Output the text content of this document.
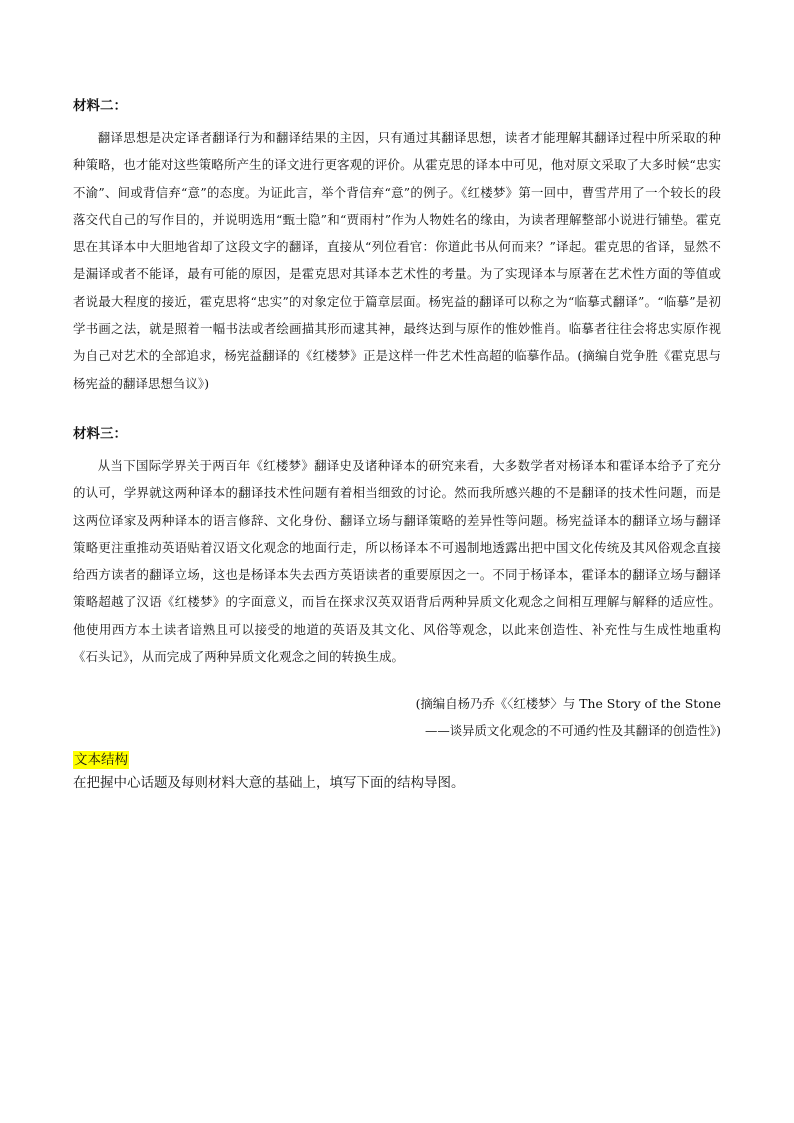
材料二：

翻译思想是决定译者翻译行为和翻译结果的主因，只有通过其翻译思想，读者才能理解其翻译过程中所采取的种种策略，也才能对这些策略所产生的译文进行更客观的评价。从霍克思的译本中可见，他对原文采取了大多时候“忠实不渝”、间或背信弃“意”的态度。为证此言，举个背信弃“意”的例子。《红楼梦》第一回中，曹雪芹用了一个较长的段落交代自己的写作目的，并说明选用“甄士隐”和“贾雨村”作为人物姓名的缘由，为读者理解整部小说进行铺垫。霍克思在其译本中大胆地省却了这段文字的翻译，直接从“列位看官：你道此书从何而来？”译起。霍克思的省译，显然不是漏译或者不能译，最有可能的原因，是霍克思对其译本艺术性的考量。为了实现译本与原著在艺术性方面的等值或者说最大程度的接近，霍克思将“忠实”的对象定位于篇章层面。杨宪益的翻译可以称之为“临摹式翻译”。“临摹”是初学书画之法，就是照着一幅书法或者绘画描其形而逮其神，最终达到与原作的惟妙惟肖。临摹者往往会将忠实原作视为自己对艺术的全部追求，杨宪益翻译的《红楼梦》正是这样一件艺术性高超的临摹作品。(摘编自党争胜《霍克思与杨宪益的翻译思想刍议》)

材料三：

从当下国际学界关于两百年《红楼梦》翻译史及诸种译本的研究来看，大多数学者对杨译本和霍译本给予了充分的认可，学界就这两种译本的翻译技术性问题有着相当细致的讨论。然而我所感兴趣的不是翻译的技术性问题，而是这两位译家及两种译本的语言修辞、文化身份、翻译立场与翻译策略的差异性等问题。杨宪益译本的翻译立场与翻译策略更注重推动英语贴着汉语文化观念的地面行走，所以杨译本不可遏制地透露出把中国文化传统及其风俗观念直接给西方读者的翻译立场，这也是杨译本失去西方英语读者的重要原因之一。不同于杨译本，霍译本的翻译立场与翻译策略超越了汉语《红楼梦》的字面意义，而旨在探求汉英双语背后两种异质文化观念之间相互理解与解释的适应性。他使用西方本土读者谙熟且可以接受的地道的英语及其文化、风俗等观念，以此来创造性、补充性与生成性地重构《石头记》，从而完成了两种异质文化观念之间的转换生成。

(摘编自杨乃乔《〈红楼梦〉与 The Story of the Stone

——谈异质文化观念的不可通约性及其翻译的创造性》)

文本结构
在把握中心话题及每则材料大意的基础上，填写下面的结构导图。
